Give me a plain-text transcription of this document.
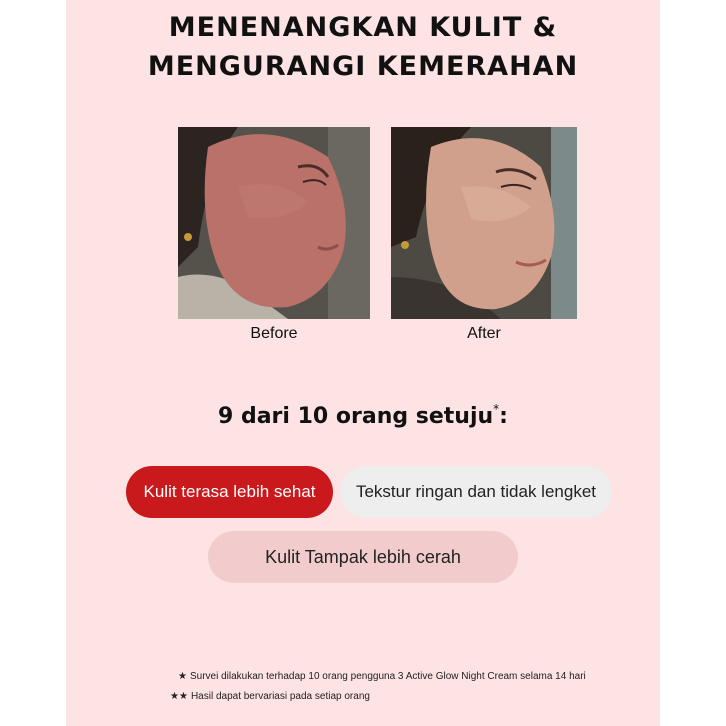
MENENANGKAN KULIT &
MENGURANGI KEMERAHAN
Before	After
9 dari 10 orang setuju*:
Kulit terasa lebih sehat	Tekstur ringan dan tidak lengket
Kulit Tampak lebih cerah
★ Survei dilakukan terhadap 10 orang pengguna 3 Active Glow Night Cream selama 14 hari
★★ Hasil dapat bervariasi pada setiap orang
